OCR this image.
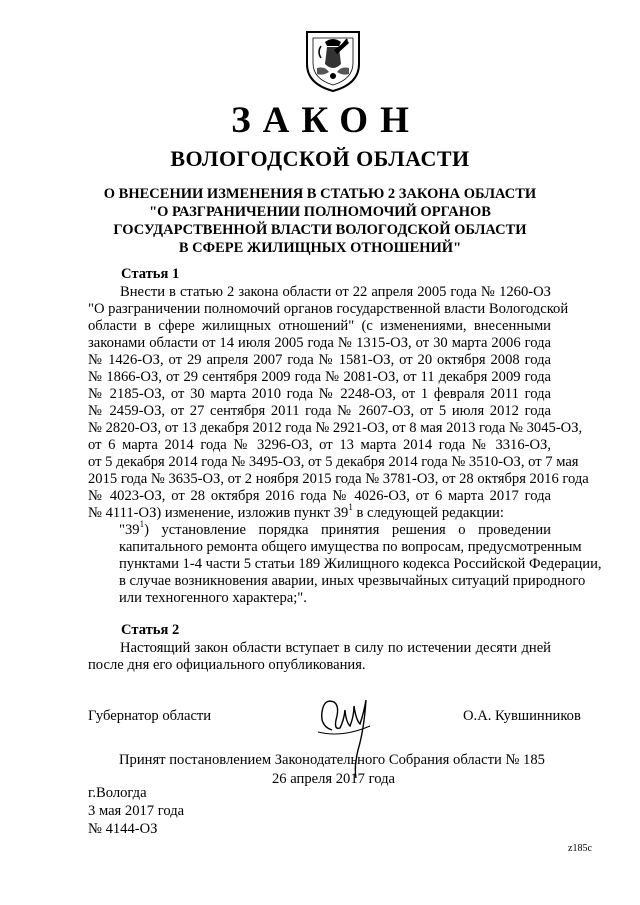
ЗАКОН
ВОЛОГОДСКОЙ ОБЛАСТИ
О ВНЕСЕНИИ ИЗМЕНЕНИЯ В СТАТЬЮ 2 ЗАКОНА ОБЛАСТИ
"О РАЗГРАНИЧЕНИИ ПОЛНОМОЧИЙ ОРГАНОВ
ГОСУДАРСТВЕННОЙ ВЛАСТИ ВОЛОГОДСКОЙ ОБЛАСТИ
В СФЕРЕ ЖИЛИЩНЫХ ОТНОШЕНИЙ"
Статья 1
Внести в статью 2 закона области от 22 апреля 2005 года № 1260-ОЗ
"О разграничении полномочий органов государственной власти Вологодской
области в сфере жилищных отношений" (с изменениями, внесенными
законами области от 14 июля 2005 года № 1315-ОЗ, от 30 марта 2006 года
№ 1426-ОЗ, от 29 апреля 2007 года № 1581-ОЗ, от 20 октября 2008 года
№ 1866-ОЗ, от 29 сентября 2009 года № 2081-ОЗ, от 11 декабря 2009 года
№ 2185-ОЗ, от 30 марта 2010 года № 2248-ОЗ, от 1 февраля 2011 года
№ 2459-ОЗ, от 27 сентября 2011 года № 2607-ОЗ, от 5 июля 2012 года
№ 2820-ОЗ, от 13 декабря 2012 года № 2921-ОЗ, от 8 мая 2013 года № 3045-ОЗ,
от 6 марта 2014 года № 3296-ОЗ, от 13 марта 2014 года № 3316-ОЗ,
от 5 декабря 2014 года № 3495-ОЗ, от 5 декабря 2014 года № 3510-ОЗ, от 7 мая
2015 года № 3635-ОЗ, от 2 ноября 2015 года № 3781-ОЗ, от 28 октября 2016 года
№ 4023-ОЗ, от 28 октября 2016 года № 4026-ОЗ, от 6 марта 2017 года
№ 4111-ОЗ) изменение, изложив пункт $39^1$ в следующей редакции:
"$39^1$) установление порядка принятия решения о проведении
капитального ремонта общего имущества по вопросам, предусмотренным
пунктами 1-4 части 5 статьи 189 Жилищного кодекса Российской Федерации,
в случае возникновения аварии, иных чрезвычайных ситуаций природного
или техногенного характера;".
Статья 2
Настоящий закон области вступает в силу по истечении десяти дней
после дня его официального опубликования.
Губернатор области	О.А. Кувшинников
Принят постановлением Законодательного Собрания области № 185
26 апреля 2017 года
г.Вологда
3 мая 2017 года
№ 4144-ОЗ
z185c
